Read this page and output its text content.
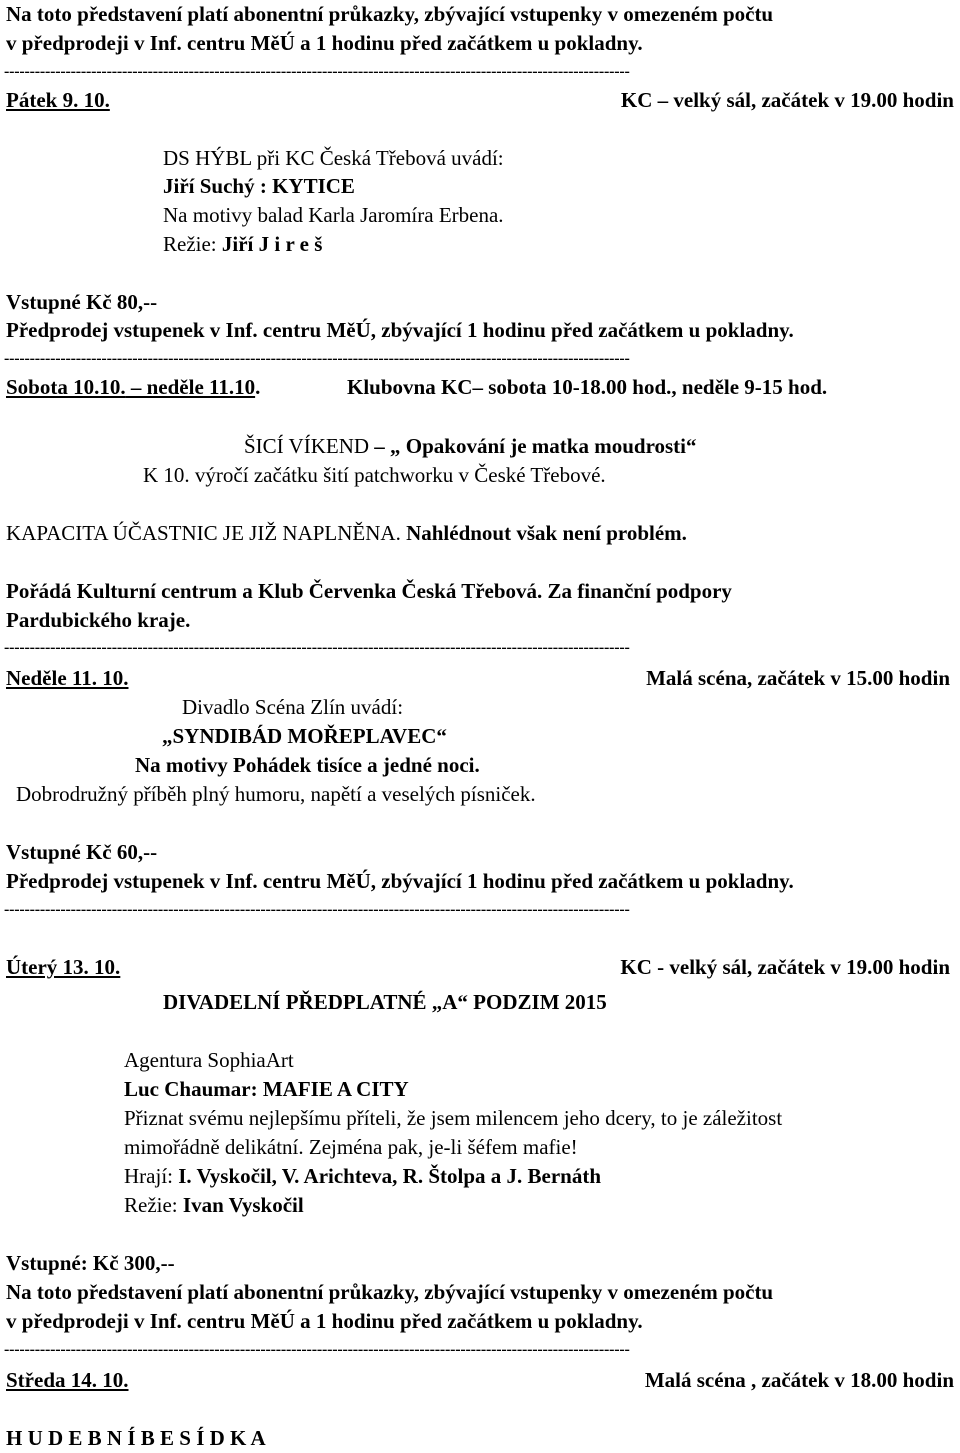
Na toto představení platí abonentní průkazky, zbývající vstupenky v omezeném počtu
v předprodeji v Inf. centru MěÚ a 1 hodinu před začátkem u pokladny.
--------------------------------------------------------------------------------------------------------------------------
Pátek 9. 10.	KC – velký sál, začátek v 19.00 hodin
DS HÝBL při KC Česká Třebová uvádí:
Jiří Suchý : KYTICE
Na motivy balad Karla Jaromíra Erbena.
Režie: Jiří J i r e š
Vstupné Kč 80,--
Předprodej vstupenek v Inf. centru MěÚ, zbývající 1 hodinu před začátkem u pokladny.
--------------------------------------------------------------------------------------------------------------------------
Sobota 10.10. – neděle 11.10.	Klubovna KC– sobota 10-18.00 hod., neděle 9-15 hod.
ŠICÍ VÍKEND – „ Opakování je matka moudrosti“
K 10. výročí začátku šití patchworku v České Třebové.
KAPACITA ÚČASTNIC JE JIŽ NAPLNĚNA. Nahlédnout však není problém.
Pořádá Kulturní centrum a Klub Červenka Česká Třebová. Za finanční podpory
Pardubického kraje.
--------------------------------------------------------------------------------------------------------------------------
Neděle 11. 10.	Malá scéna, začátek v 15.00 hodin
Divadlo Scéna Zlín uvádí:
„SYNDIBÁD MOŘEPLAVEC“
Na motivy Pohádek tisíce a jedné noci.
Dobrodružný příběh plný humoru, napětí a veselých písniček.
Vstupné Kč 60,--
Předprodej vstupenek v Inf. centru MěÚ, zbývající 1 hodinu před začátkem u pokladny.
--------------------------------------------------------------------------------------------------------------------------
Úterý 13. 10.	KC - velký sál, začátek v 19.00 hodin
DIVADELNÍ PŘEDPLATNÉ „A“ PODZIM 2015
Agentura SophiaArt
Luc Chaumar: MAFIE A CITY
Přiznat svému nejlepšímu příteli, že jsem milencem jeho dcery, to je záležitost
mimořádně delikátní. Zejména pak, je-li šéfem mafie!
Hrají: I. Vyskočil, V. Arichteva, R. Štolpa a J. Bernáth
Režie: Ivan Vyskočil
Vstupné: Kč 300,--
Na toto představení platí abonentní průkazky, zbývající vstupenky v omezeném počtu
v předprodeji v Inf. centru MěÚ a 1 hodinu před začátkem u pokladny.
--------------------------------------------------------------------------------------------------------------------------
Středa 14. 10.	Malá scéna , začátek v 18.00 hodin
H U D E B N Í B E S Í D K A
